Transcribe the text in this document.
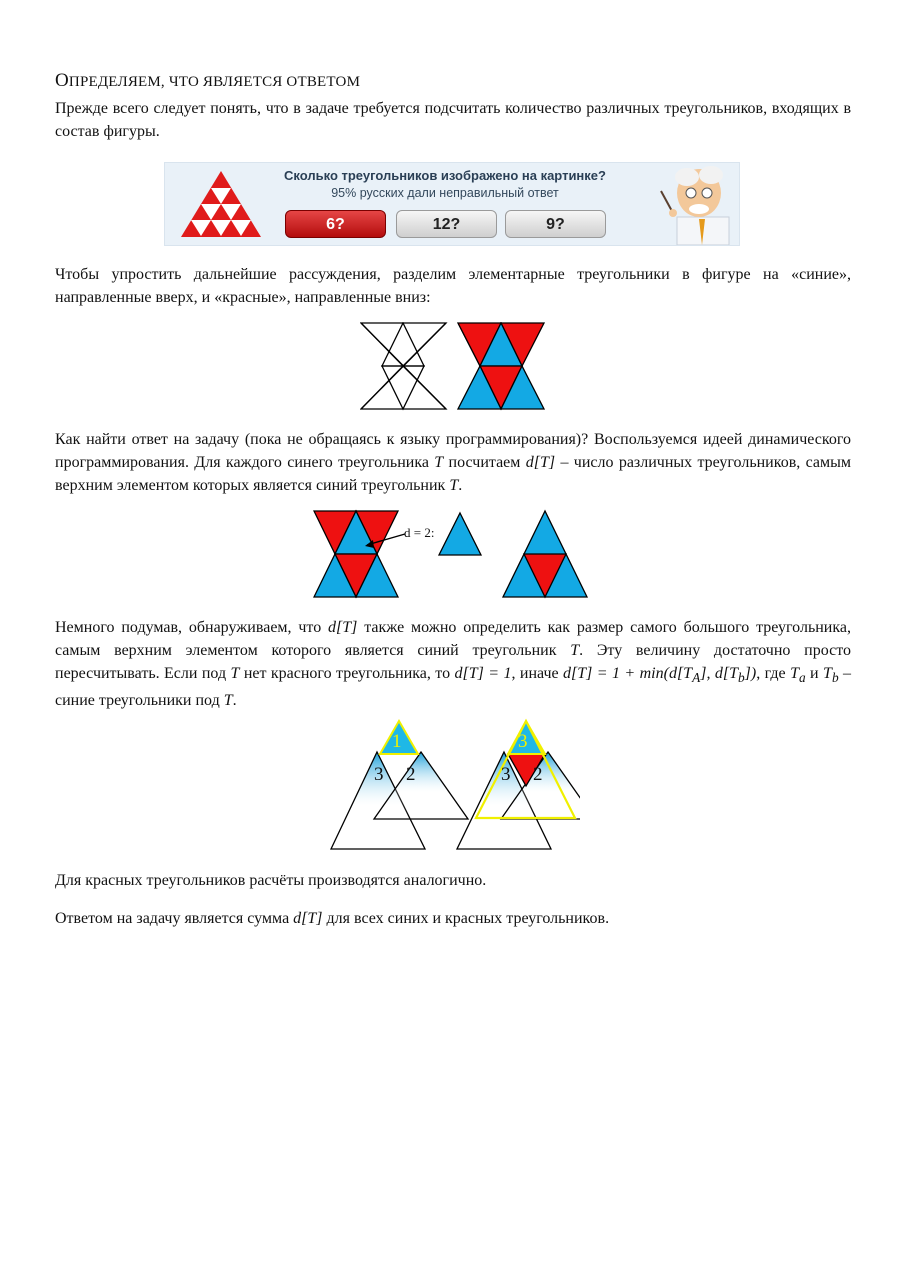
ОПРЕДЕЛЯЕМ, ЧТО ЯВЛЯЕТСЯ ОТВЕТОМ
Прежде всего следует понять, что в задаче требуется подсчитать количество различных треугольников, входящих в состав фигуры.
Сколько треугольников изображено на картинке?
95% русских дали неправильный ответ
6?	12?	9?
Чтобы упростить дальнейшие рассуждения, разделим элементарные треугольники в фигуре на «синие», направленные вверх, и «красные», направленные вниз:
Как найти ответ на задачу (пока не обращаясь к языку программирования)? Воспользуемся идеей динамического программирования. Для каждого синего треугольника T посчитаем d[T] – число различных треугольников, самым верхним элементом которых является синий треугольник T.
d = 2:
Немного подумав, обнаруживаем, что d[T] также можно определить как размер самого большого треугольника, самым верхним элементом которого является синий треугольник T. Эту величину достаточно просто пересчитывать. Если под T нет красного треугольника, то d[T] = 1, иначе $d[T] = 1 + \min(d[T_A]$, $d[T_b]$), где $T_a$ и $T_b$ – синие треугольники под T.
1
3 2
3
3 2
Для красных треугольников расчёты производятся аналогично.
Ответом на задачу является сумма d[T] для всех синих и красных треугольников.
